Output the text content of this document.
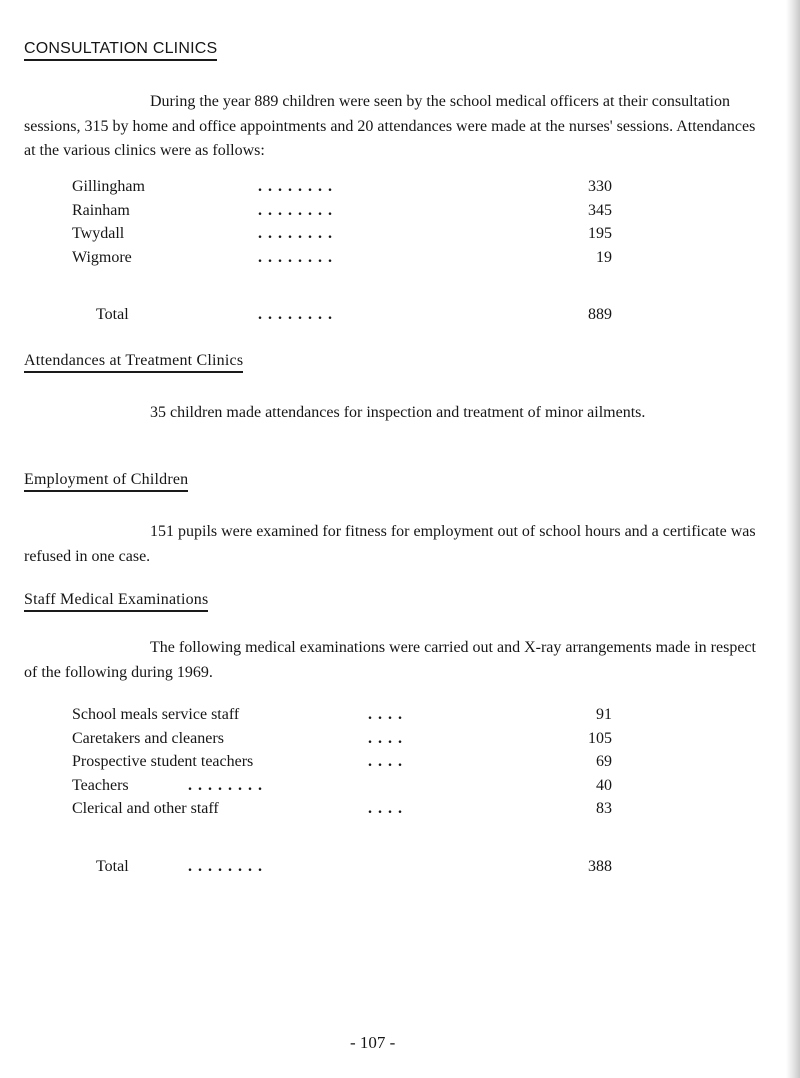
CONSULTATION CLINICS
During the year 889 children were seen by the school medical officers at their consultation sessions, 315 by home and office appointments and 20 attendances were made at the nurses' sessions. Attendances at the various clinics were as follows:
Gillingham	. . . . . . . .	330
Rainham	. . . . . . . .	345
Twydall	. . . . . . . .	195
Wigmore	. . . . . . . .	19
Total	. . . . . . . .	889
Attendances at Treatment Clinics
35 children made attendances for inspection and treatment of minor ailments.
Employment of Children
151 pupils were examined for fitness for employment out of school hours and a certificate was refused in one case.
Staff Medical Examinations
The following medical examinations were carried out and X-ray arrangements made in respect of the following during 1969.
School meals service staff	. . . .	91
Caretakers and cleaners	. . . .	105
Prospective student teachers	. . . .	69
Teachers	. . . . . . . .	40
Clerical and other staff	. . . .	83
Total	. . . . . . . .	388
- 107 -
